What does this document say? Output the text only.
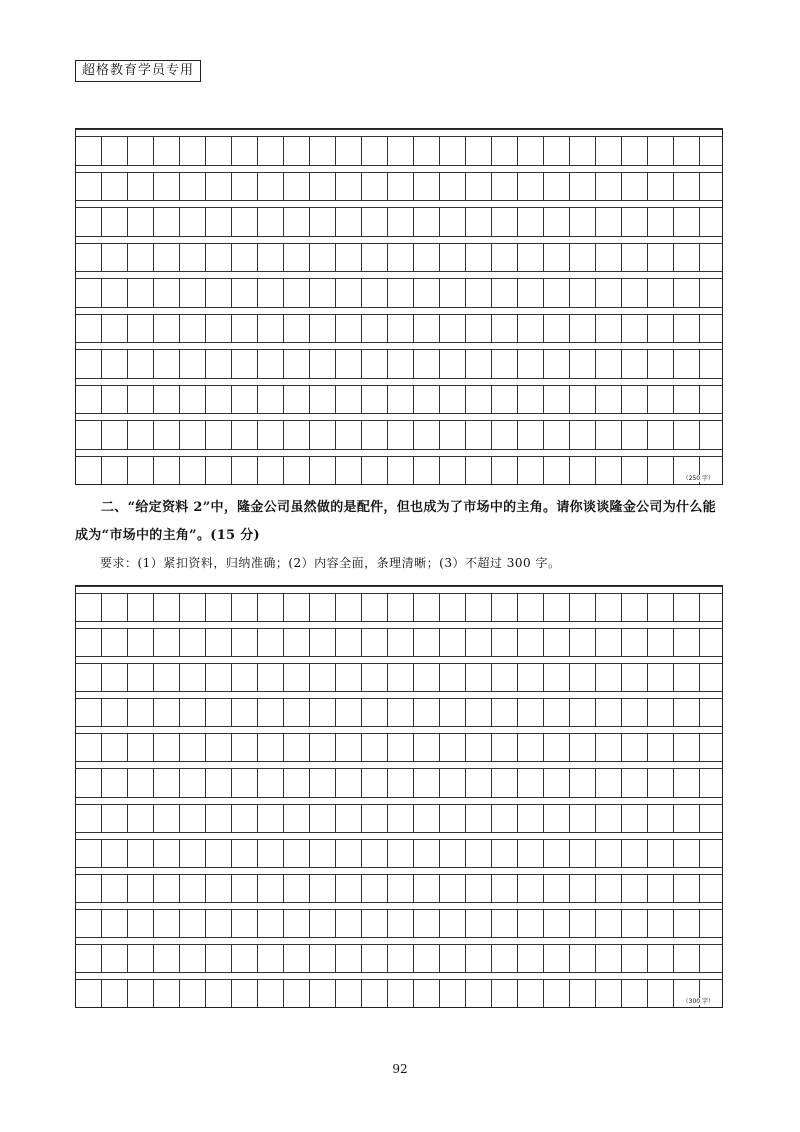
超格教育学员专用
（250 字）
二、“给定资料 2”中，隆金公司虽然做的是配件，但也成为了市场中的主角。请你谈谈隆金公司为什么能成为“市场中的主角”。(15 分)
要求：(1）紧扣资料，归纳准确；(2）内容全面，条理清晰；(3）不超过 300 字。
（300 字）
92
